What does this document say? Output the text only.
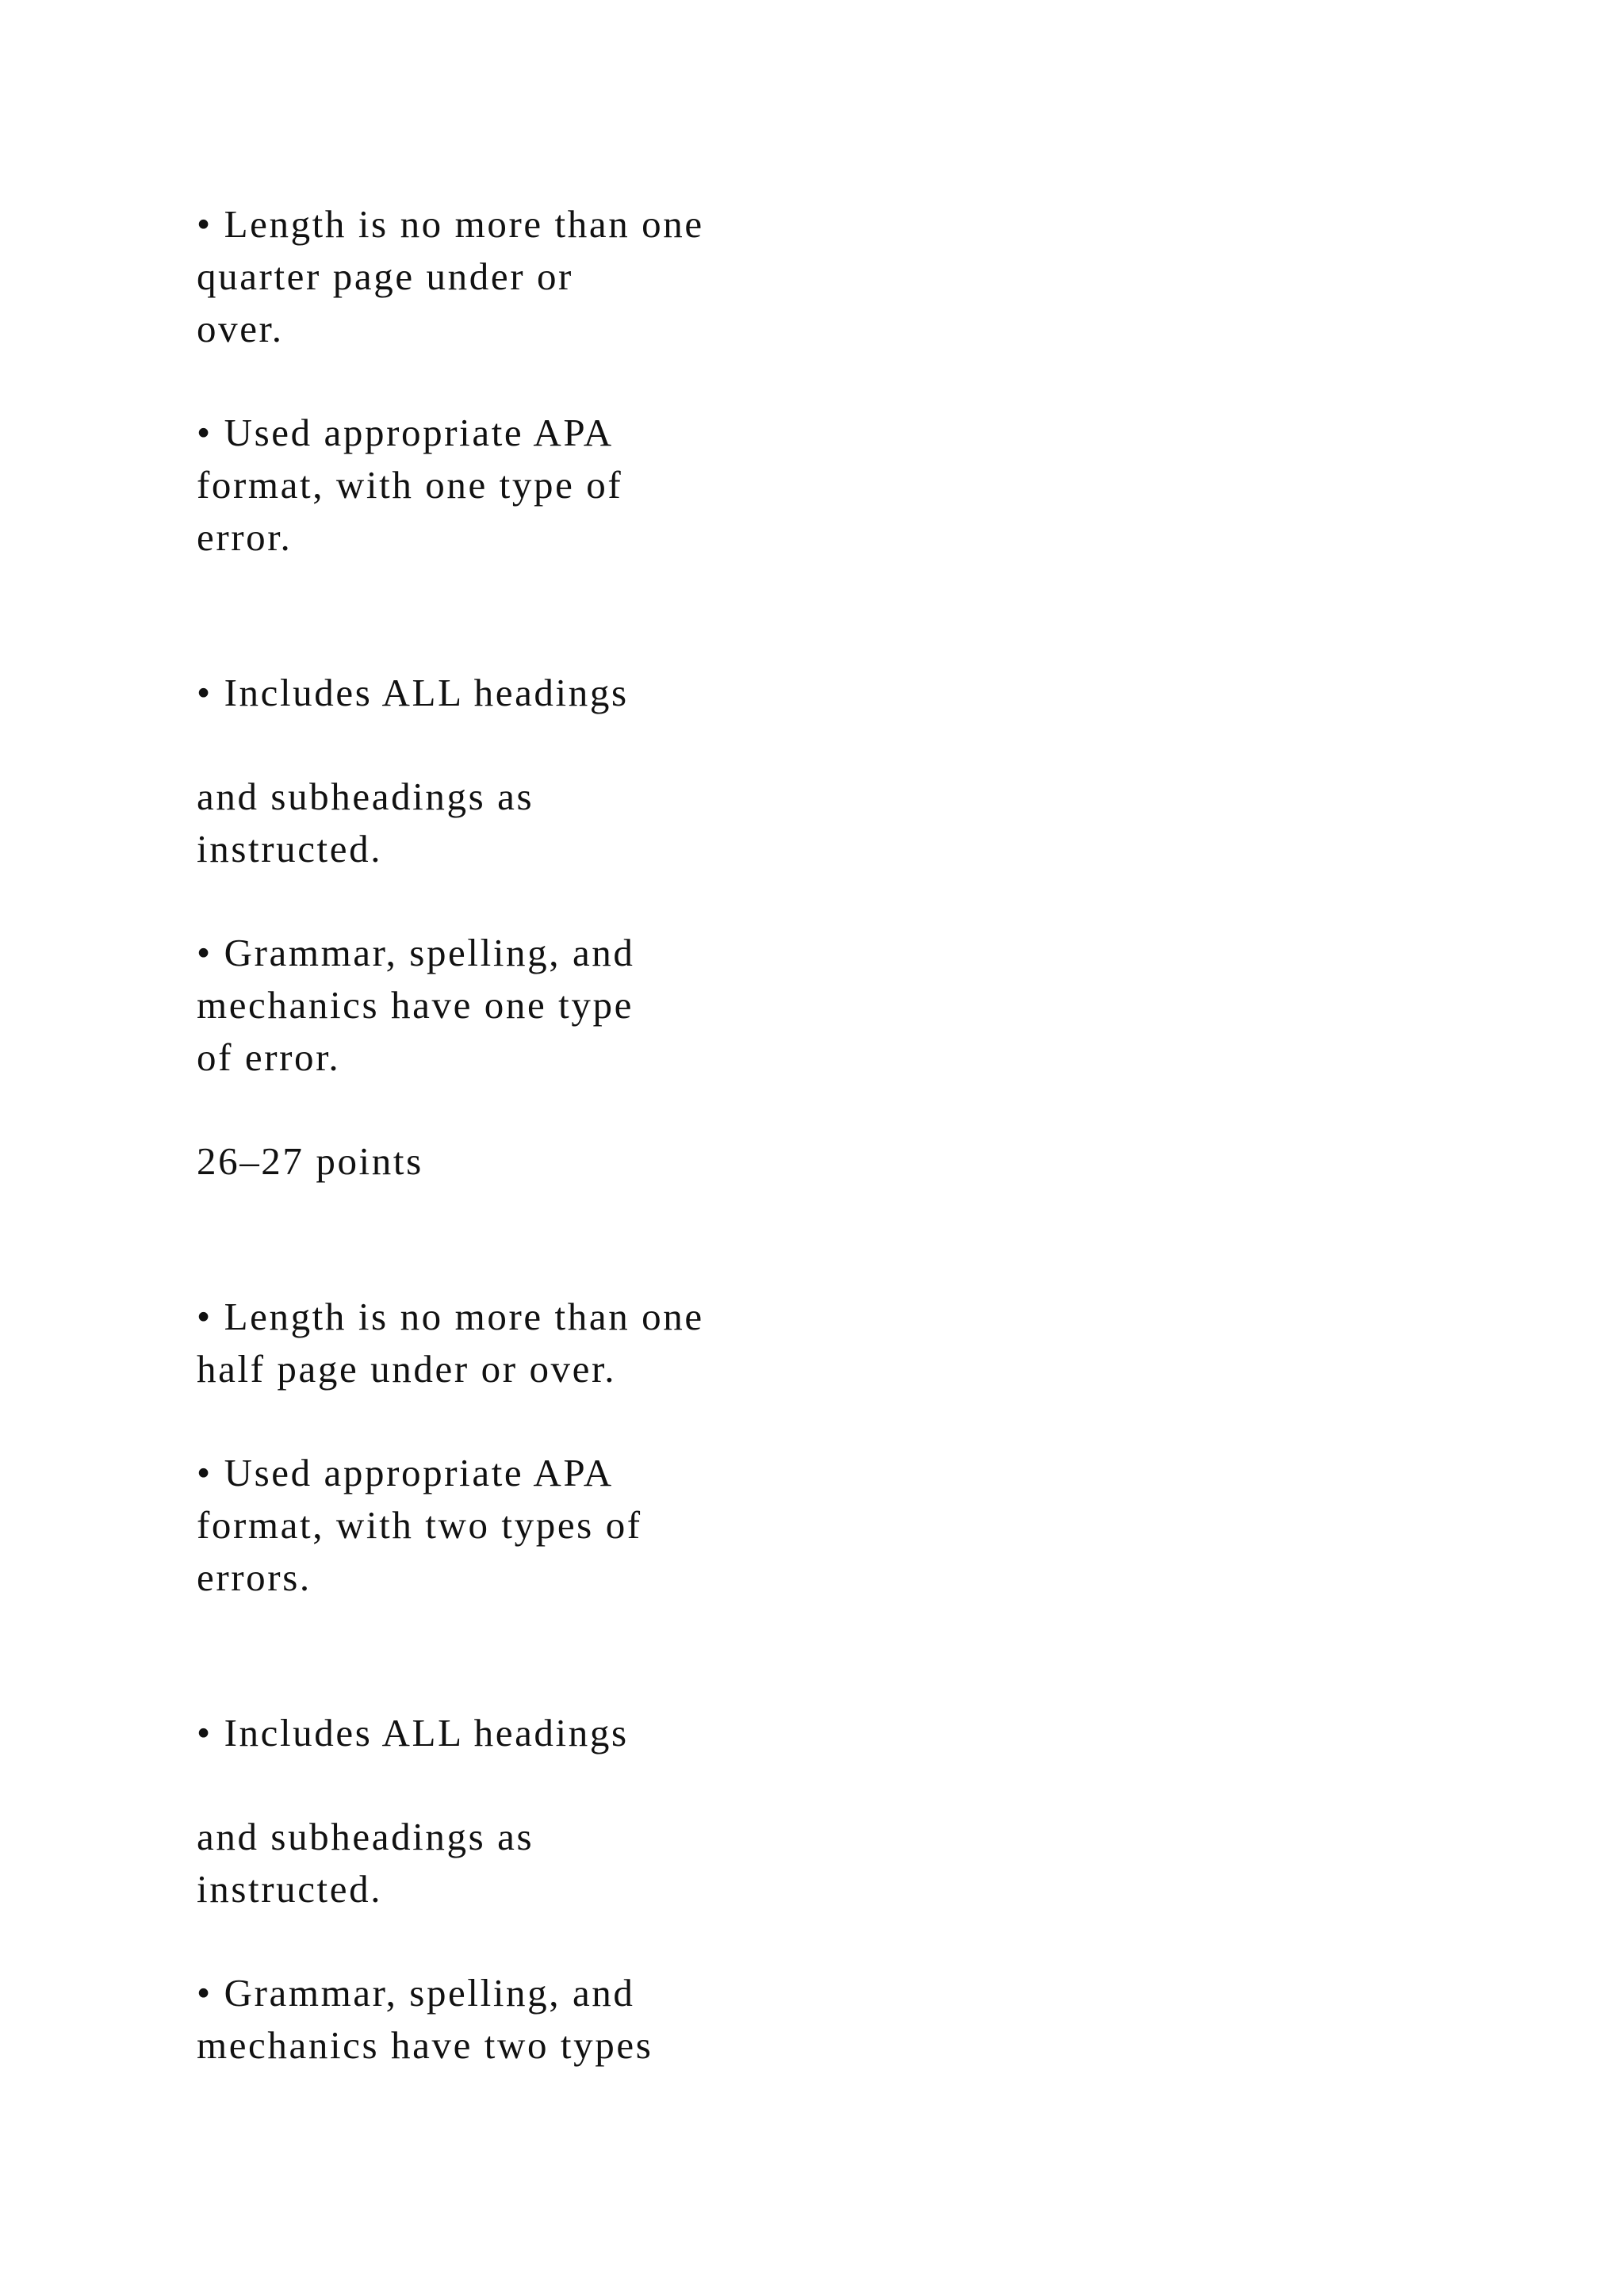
• Length is no more than one
quarter page under or
over.
• Used appropriate APA
format, with one type of
error.
• Includes ALL headings
and subheadings as
instructed.
• Grammar, spelling, and
mechanics have one type
of error.
26–27 points
• Length is no more than one
half page under or over.
• Used appropriate APA
format, with two types of
errors.
• Includes ALL headings
and subheadings as
instructed.
• Grammar, spelling, and
mechanics have two types
